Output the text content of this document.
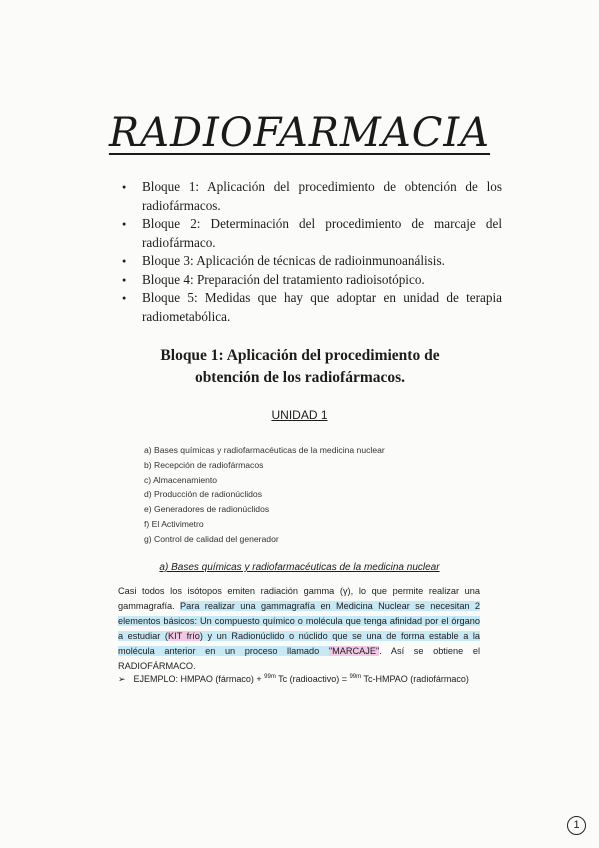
RADIOFARMACIA
● Bloque 1: Aplicación del procedimiento de obtención de los radiofármacos.
● Bloque 2: Determinación del procedimiento de marcaje del radiofármaco.
● Bloque 3: Aplicación de técnicas de radioinmunoanálisis.
● Bloque 4: Preparación del tratamiento radioisotópico.
● Bloque 5: Medidas que hay que adoptar en unidad de terapia radiometabólica.
Bloque 1: Aplicación del procedimiento de
obtención de los radiofármacos.
UNIDAD 1
a) Bases químicas y radiofarmacéuticas de la medicina nuclear
b) Recepción de radiofármacos
c) Almacenamiento
d) Producción de radionúclidos
e) Generadores de radionúclidos
f) El Activimetro
g) Control de calidad del generador
a) Bases químicas y radiofarmacéuticas de la medicina nuclear

Casi todos los isótopos emiten radiación gamma (γ), lo que permite realizar una gammagrafía. Para realizar una gammagrafía en Medicina Nuclear se necesitan 2 elementos básicos: Un compuesto químico o molécula que tenga afinidad por el órgano a estudiar (KIT frío) y un Radionúclido o núclido que se una de forma estable a la molécula anterior en un proceso llamado "MARCAJE". Así se obtiene el RADIOFÁRMACO.

➢ EJEMPLO: HMPAO (fármaco) + $^{99m}$ Tc (radioactivo) = $^{99m}$ Tc-HMPAO (radiofármaco)
1
